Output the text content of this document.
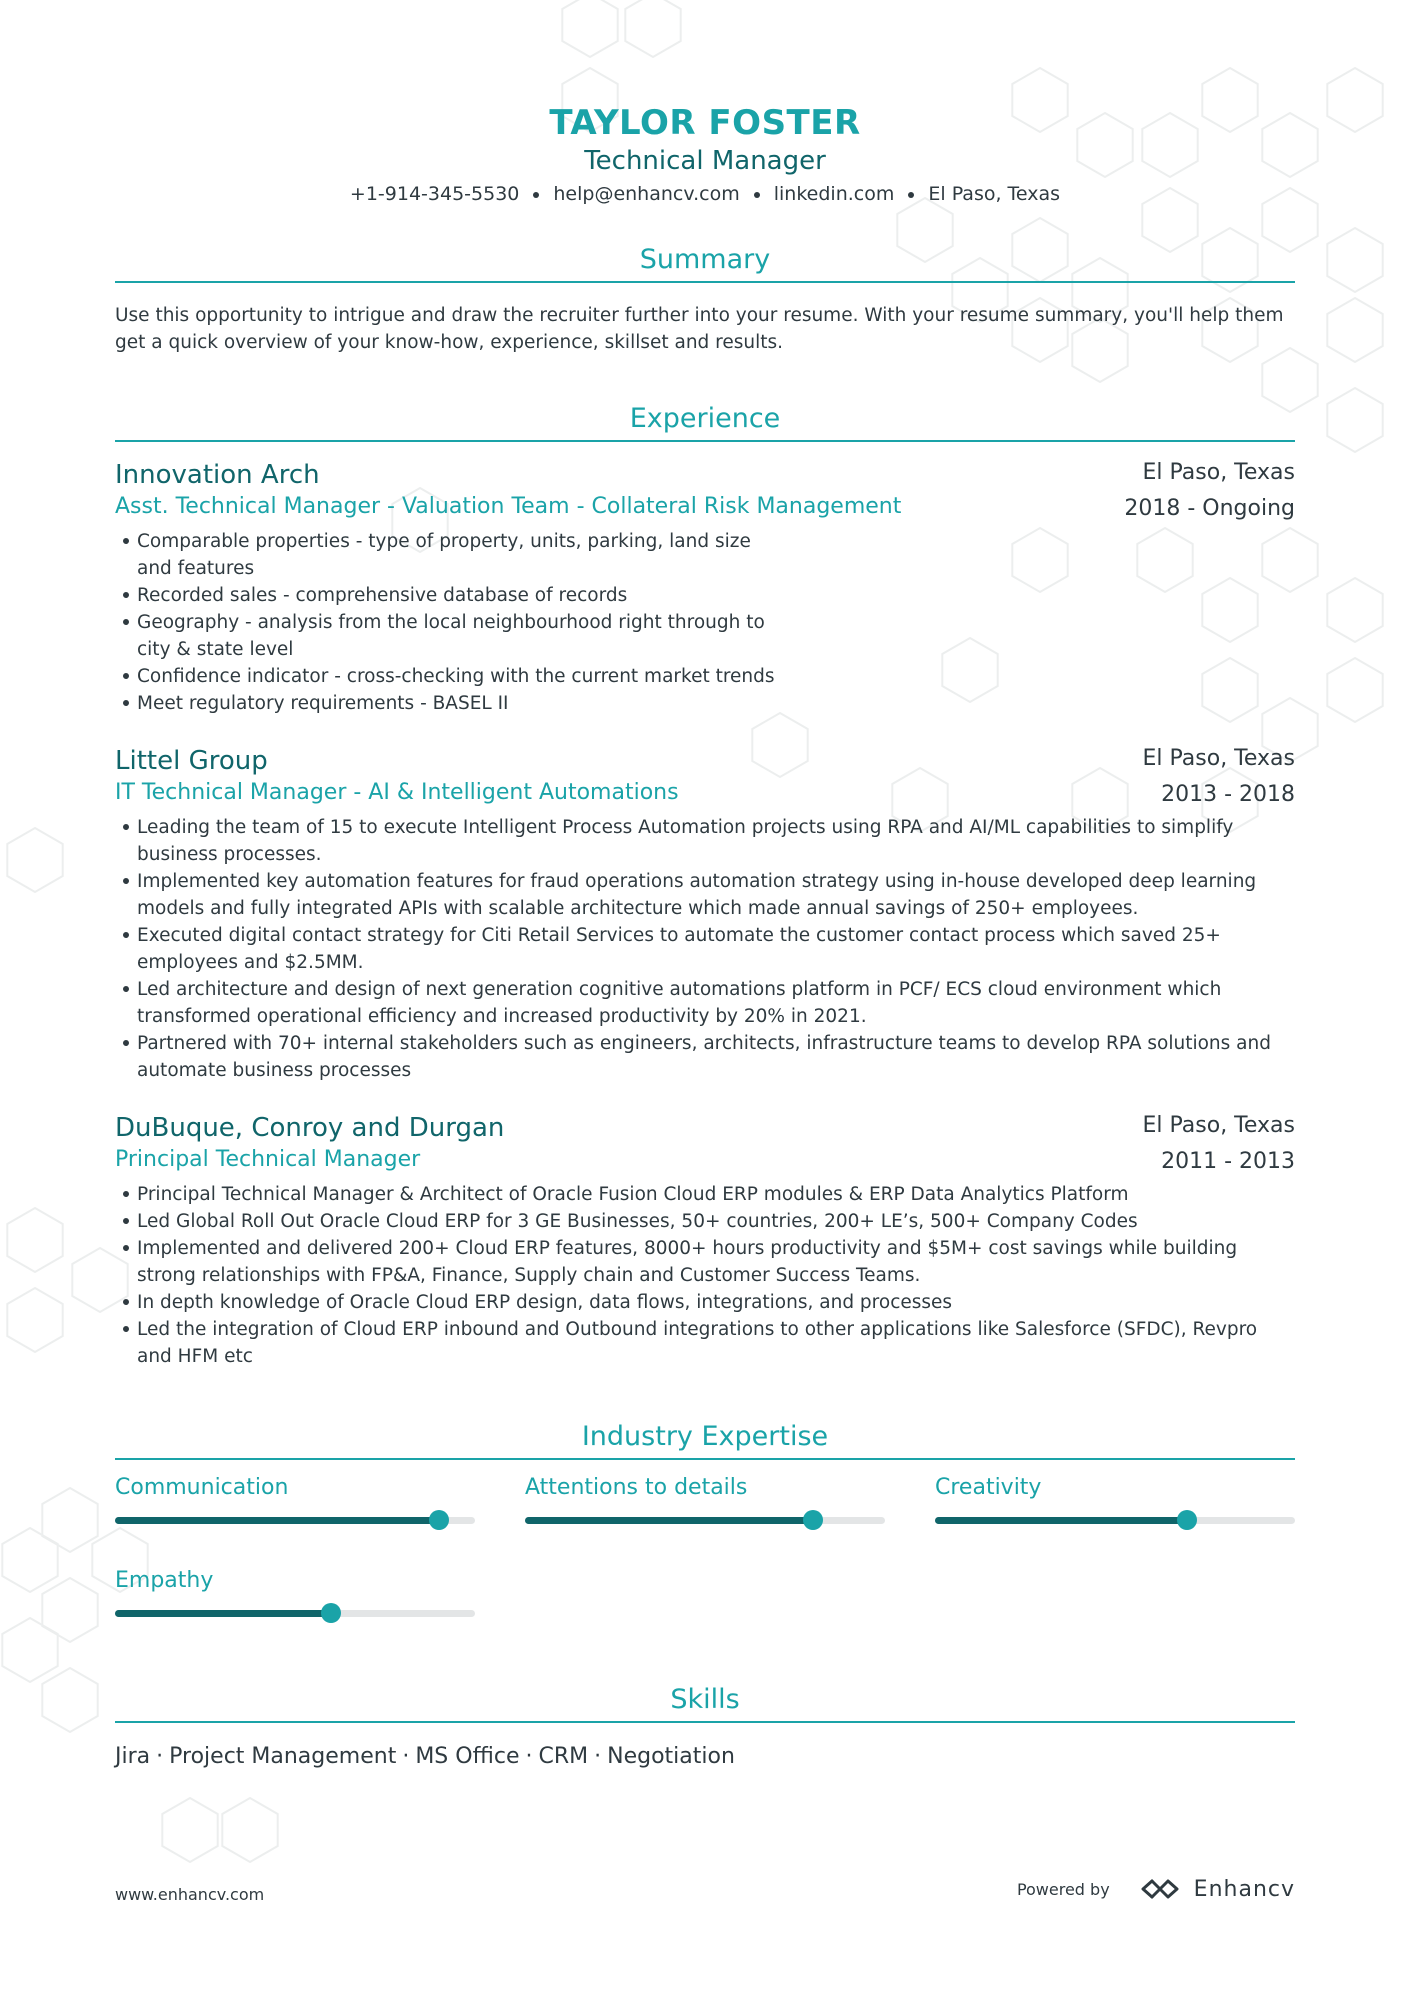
TAYLOR FOSTER
Technical Manager
+1-914-345-5530 help@enhancv.com linkedin.com El Paso, Texas
Summary
Use this opportunity to intrigue and draw the recruiter further into your resume. With your resume summary, you'll help them get a quick overview of your know-how, experience, skillset and results.
Experience
Innovation Arch
Asst. Technical Manager - Valuation Team - Collateral Risk Management
El Paso, Texas
2018 - Ongoing
Comparable properties - type of property, units, parking, land size and features
Recorded sales - comprehensive database of records
Geography - analysis from the local neighbourhood right through to city & state level
Confidence indicator - cross-checking with the current market trends
Meet regulatory requirements - BASEL II
Littel Group
IT Technical Manager - AI & Intelligent Automations
El Paso, Texas
2013 - 2018
Leading the team of 15 to execute Intelligent Process Automation projects using RPA and AI/ML capabilities to simplify business processes.
Implemented key automation features for fraud operations automation strategy using in-house developed deep learning models and fully integrated APIs with scalable architecture which made annual savings of 250+ employees.
Executed digital contact strategy for Citi Retail Services to automate the customer contact process which saved 25+ employees and $2.5MM.
Led architecture and design of next generation cognitive automations platform in PCF/ ECS cloud environment which transformed operational efficiency and increased productivity by 20% in 2021.
Partnered with 70+ internal stakeholders such as engineers, architects, infrastructure teams to develop RPA solutions and automate business processes
DuBuque, Conroy and Durgan
Principal Technical Manager
El Paso, Texas
2011 - 2013
Principal Technical Manager & Architect of Oracle Fusion Cloud ERP modules & ERP Data Analytics Platform
Led Global Roll Out Oracle Cloud ERP for 3 GE Businesses, 50+ countries, 200+ LE’s, 500+ Company Codes
Implemented and delivered 200+ Cloud ERP features, 8000+ hours productivity and $5M+ cost savings while building strong relationships with FP&A, Finance, Supply chain and Customer Success Teams.
In depth knowledge of Oracle Cloud ERP design, data flows, integrations, and processes
Led the integration of Cloud ERP inbound and Outbound integrations to other applications like Salesforce (SFDC), Revpro and HFM etc
Industry Expertise
Communication	Attentions to details	Creativity
Empathy
Skills
Jira · Project Management · MS Office · CRM · Negotiation
www.enhancv.com	Powered by	Enhancv
